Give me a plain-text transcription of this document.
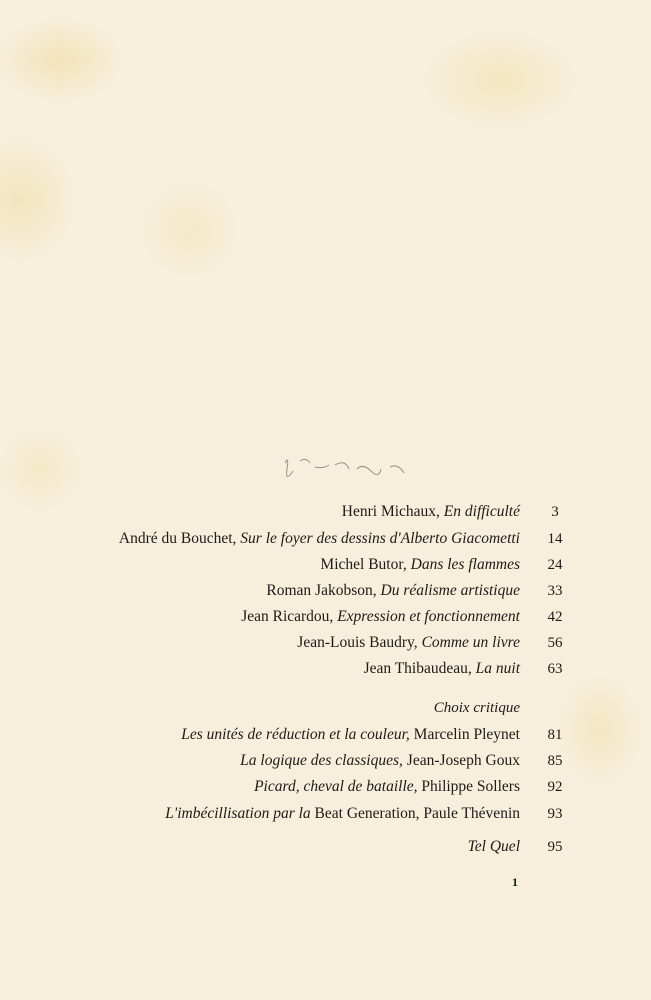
Henri Michaux, En difficulté	3
André du Bouchet, Sur le foyer des dessins d'Alberto Giacometti	14
Michel Butor, Dans les flammes	24
Roman Jakobson, Du réalisme artistique	33
Jean Ricardou, Expression et fonctionnement	42
Jean-Louis Baudry, Comme un livre	56
Jean Thibaudeau, La nuit	63
Choix critique
Les unités de réduction et la couleur, Marcelin Pleynet	81
La logique des classiques, Jean-Joseph Goux	85
Picard, cheval de bataille, Philippe Sollers	92
L'imbécillisation par la Beat Generation, Paule Thévenin	93
Tel Quel	95
1
